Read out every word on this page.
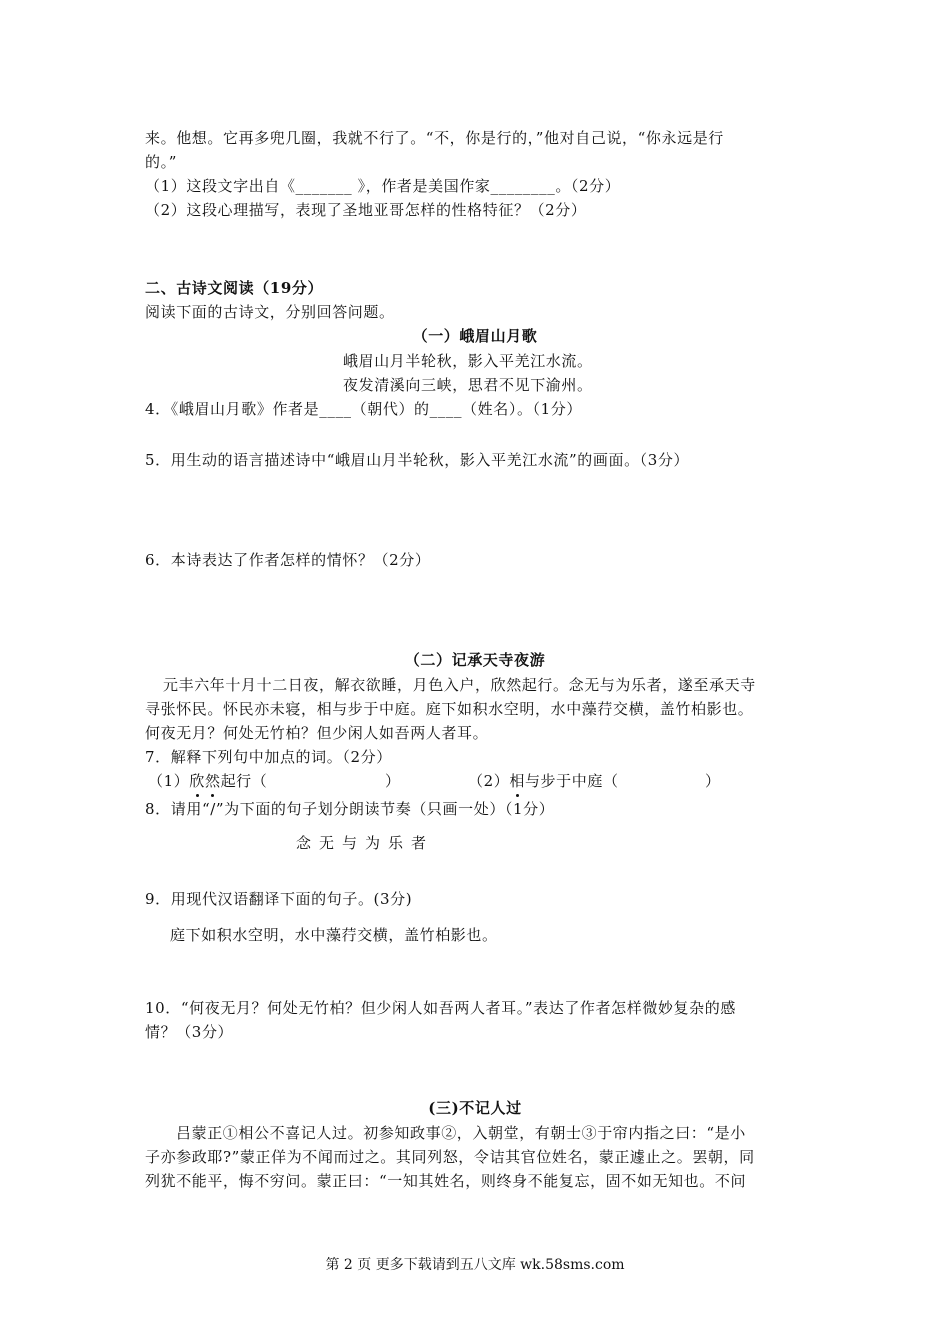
来。他想。它再多兜几圈，我就不行了。“不，你是行的，”他对自己说，“你永远是行
的。”
（1）这段文字出自《_______ 》，作者是美国作家________。（2分）
（2）这段心理描写，表现了圣地亚哥怎样的性格特征？（2分）
二、古诗文阅读（19分）
阅读下面的古诗文，分别回答问题。
（一）峨眉山月歌
峨眉山月半轮秋，影入平羌江水流。
夜发清溪向三峡，思君不见下渝州。
4．《峨眉山月歌》作者是____（朝代）的____（姓名）。（1分）
5．用生动的语言描述诗中“峨眉山月半轮秋，影入平羌江水流”的画面。（3分）
6．本诗表达了作者怎样的情怀？（2分）
（二）记承天寺夜游
元丰六年十月十二日夜，解衣欲睡，月色入户，欣然起行。念无与为乐者，遂至承天寺
寻张怀民。怀民亦未寝，相与步于中庭。庭下如积水空明，水中藻荇交横，盖竹柏影也。
何夜无月？何处无竹柏？但少闲人如吾两人者耳。
7．解释下列句中加点的词。（2分）
（1）欣然起行（	）	（2）相与步于中庭（	）
8．请用“/”为下面的句子划分朗读节奏（只画一处）（1分）
念无与为乐者
9．用现代汉语翻译下面的句子。(3分)
庭下如积水空明，水中藻荇交横，盖竹柏影也。
10．“何夜无月？何处无竹柏？但少闲人如吾两人者耳。”表达了作者怎样微妙复杂的感
情？（3分）
(三)不记人过
吕蒙正①相公不喜记人过。初参知政事②，入朝堂，有朝士③于帘内指之曰：“是小
子亦参政耶?”蒙正佯为不闻而过之。其同列怒，令诘其官位姓名，蒙正遽止之。罢朝，同
列犹不能平，悔不穷问。蒙正曰：“一知其姓名，则终身不能复忘，固不如无知也。不问
第 2 页 更多下载请到五八文库 wk.58sms.com
